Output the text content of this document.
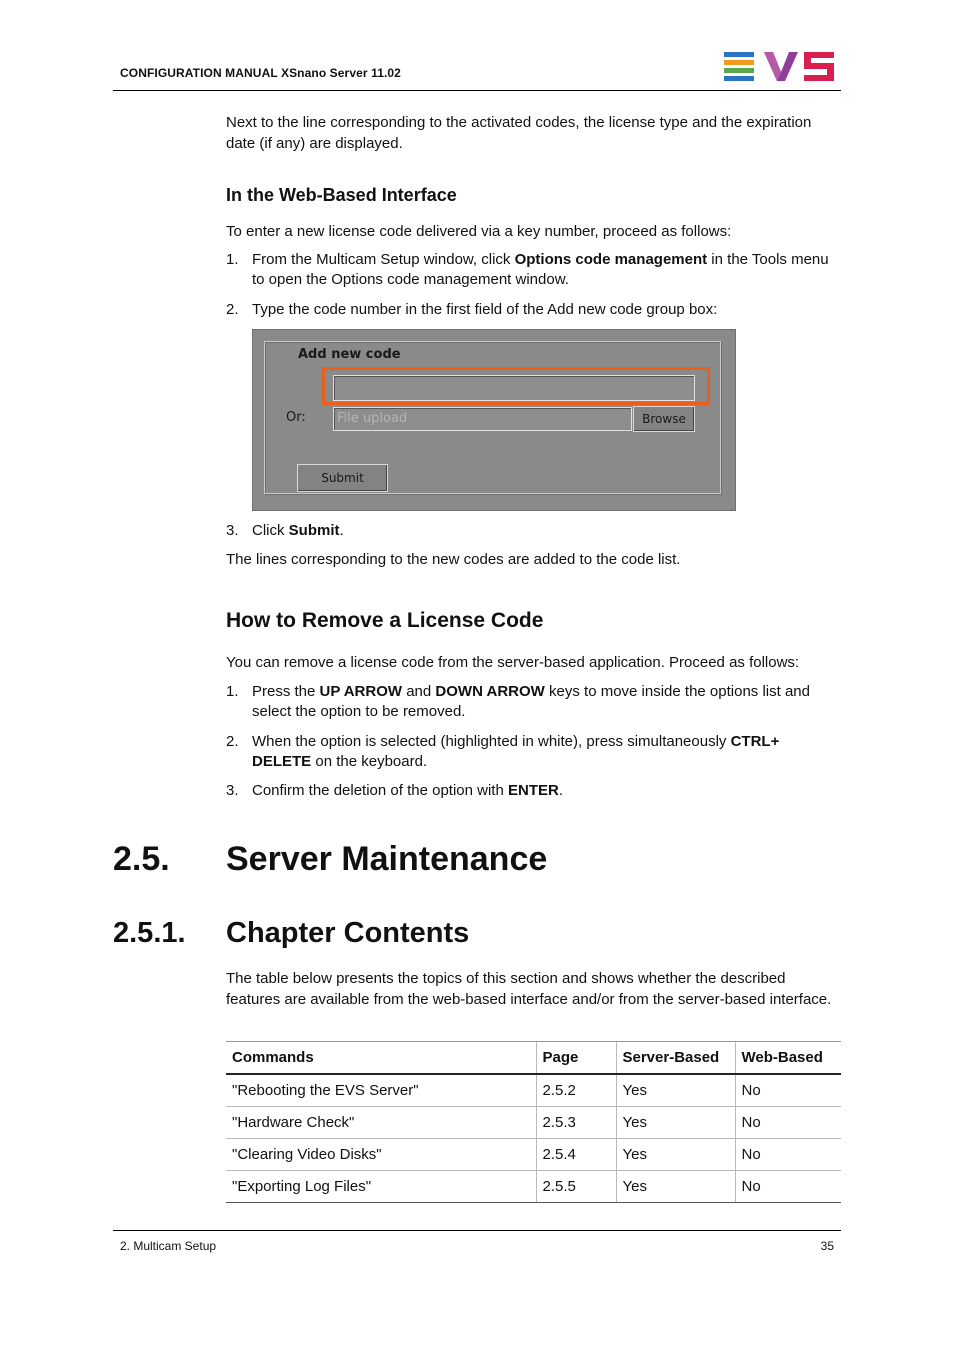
CONFIGURATION MANUAL XSnano Server 11.02
Next to the line corresponding to the activated codes, the license type and the expiration date (if any) are displayed.
In the Web-Based Interface
To enter a new license code delivered via a key number, proceed as follows:
1. From the Multicam Setup window, click Options code management in the Tools menu to open the Options code management window.
2. Type the code number in the first field of the Add new code group box:
Add new code
Or:	File upload	Browse
Submit
3. Click Submit.
The lines corresponding to the new codes are added to the code list.
How to Remove a License Code
You can remove a license code from the server-based application. Proceed as follows:
1. Press the UP ARROW and DOWN ARROW keys to move inside the options list and select the option to be removed.
2. When the option is selected (highlighted in white), press simultaneously CTRL+ DELETE on the keyboard.
3. Confirm the deletion of the option with ENTER.
2.5. Server Maintenance
2.5.1. Chapter Contents
The table below presents the topics of this section and shows whether the described features are available from the web-based interface and/or from the server-based interface.
Commands	Page	Server-Based	Web-Based
"Rebooting the EVS Server"	2.5.2	Yes	No
"Hardware Check"	2.5.3	Yes	No
"Clearing Video Disks"	2.5.4	Yes	No
"Exporting Log Files"	2.5.5	Yes	No
2. Multicam Setup	35
